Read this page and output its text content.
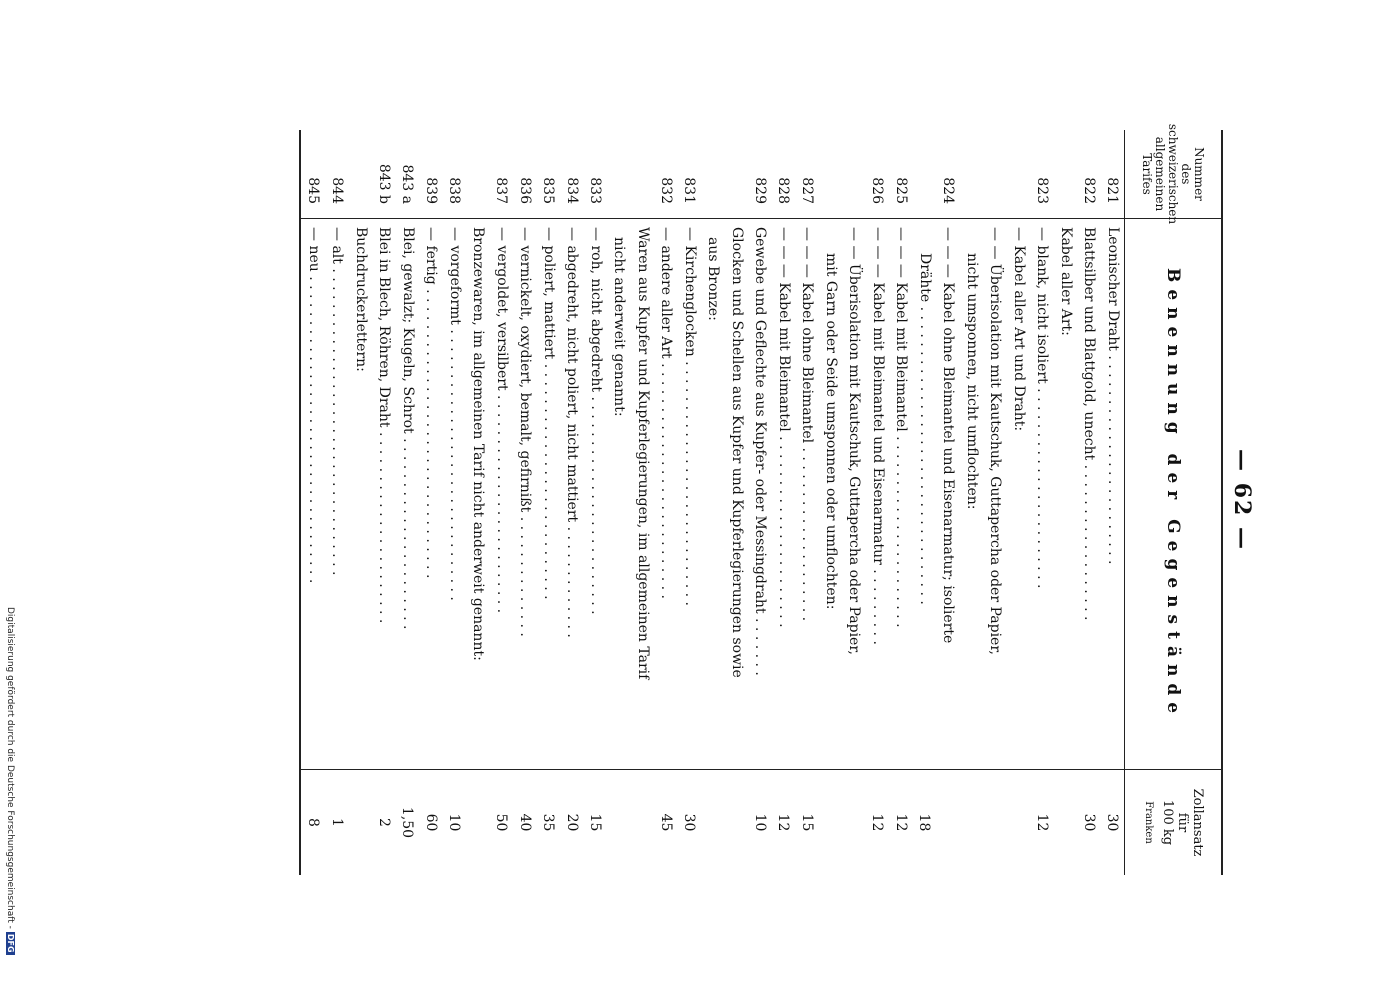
— 62 —
Nummer
des
schweizerischen
allgemeinen
Tarifes
Benennung der Gegenstände
Zollansatz
für
100 kg
Franken
821
Leonischer Draht . . . . . . . . . . . . . . . . . . . . . . . .
30
822
Blattsilber und Blattgold, unecht . . . . . . . . . . . . . . . . . .
30
Kabel aller Art:
823
— blank, nicht isoliert . . . . . . . . . . . . . . . . . . . . . . .
12
— Kabel aller Art und Draht:
— — Überisolation mit Kautschuk, Guttapercha oder Papier,
nicht umsponnen, nicht umflochten:
824
— — — Kabel ohne Bleimantel und Eisenarmatur; isolierte
Drähte . . . . . . . . . . . . . . . . . . . . . . . . . . . . . . . . . .
18
825
— — — Kabel mit Bleimantel . . . . . . . . . . . . . . . . . . . . . .
12
826
— — — Kabel mit Bleimantel und Eisenarmatur . . . . . . . . .
12
— — Überisolation mit Kautschuk, Guttapercha oder Papier,
mit Garn oder Seide umsponnen oder umflochten:
827
— — — Kabel ohne Bleimantel . . . . . . . . . . . . . . . . . . . .
15
828
— — — Kabel mit Bleimantel . . . . . . . . . . . . . . . . . . . . . .
12
829
Gewebe und Geflechte aus Kupfer- oder Messingdraht . . . . . . .
10
Glocken und Schellen aus Kupfer und Kupferlegierungen sowie
aus Bronze:
831
— Kirchenglocken . . . . . . . . . . . . . . . . . . . . . . . . . . . .
30
832
— andere aller Art . . . . . . . . . . . . . . . . . . . . . . . . . . .
45
Waren aus Kupfer und Kupferlegierungen, im allgemeinen Tarif
nicht anderweit genannt:
833
— roh, nicht abgedreht . . . . . . . . . . . . . . . . . . . . . . . . .
15
834
— abgedreht, nicht poliert, nicht mattiert . . . . . . . . . . . . .
20
835
— poliert, mattiert . . . . . . . . . . . . . . . . . . . . . . . . . . .
35
836
— vernickelt, oxydiert, bemalt, gefirnißt . . . . . . . . . . . . . .
40
837
— vergoldet, versilbert . . . . . . . . . . . . . . . . . . . . . . . . .
50
Bronzewaren, im allgemeinen Tarif nicht anderweit genannt:
838
— vorgeformt . . . . . . . . . . . . . . . . . . . . . . . . . . . . . . .
10
839
— fertig . . . . . . . . . . . . . . . . . . . . . . . . . . . . . . . . .
60
843 a
Blei, gewalzt; Kugeln, Schrot . . . . . . . . . . . . . . . . . . . . . .
1,50
843 b
Blei in Blech, Röhren, Draht . . . . . . . . . . . . . . . . . . . . . .
2
Buchdruckerlettern:
844
— alt . . . . . . . . . . . . . . . . . . . . . . . . . . . . . . . . . . .
1
845
— neu . . . . . . . . . . . . . . . . . . . . . . . . . . . . . . . . . . .
8
Digitalisierung gefördert durch die Deutsche Forschungsgemeinschaft -DFG
